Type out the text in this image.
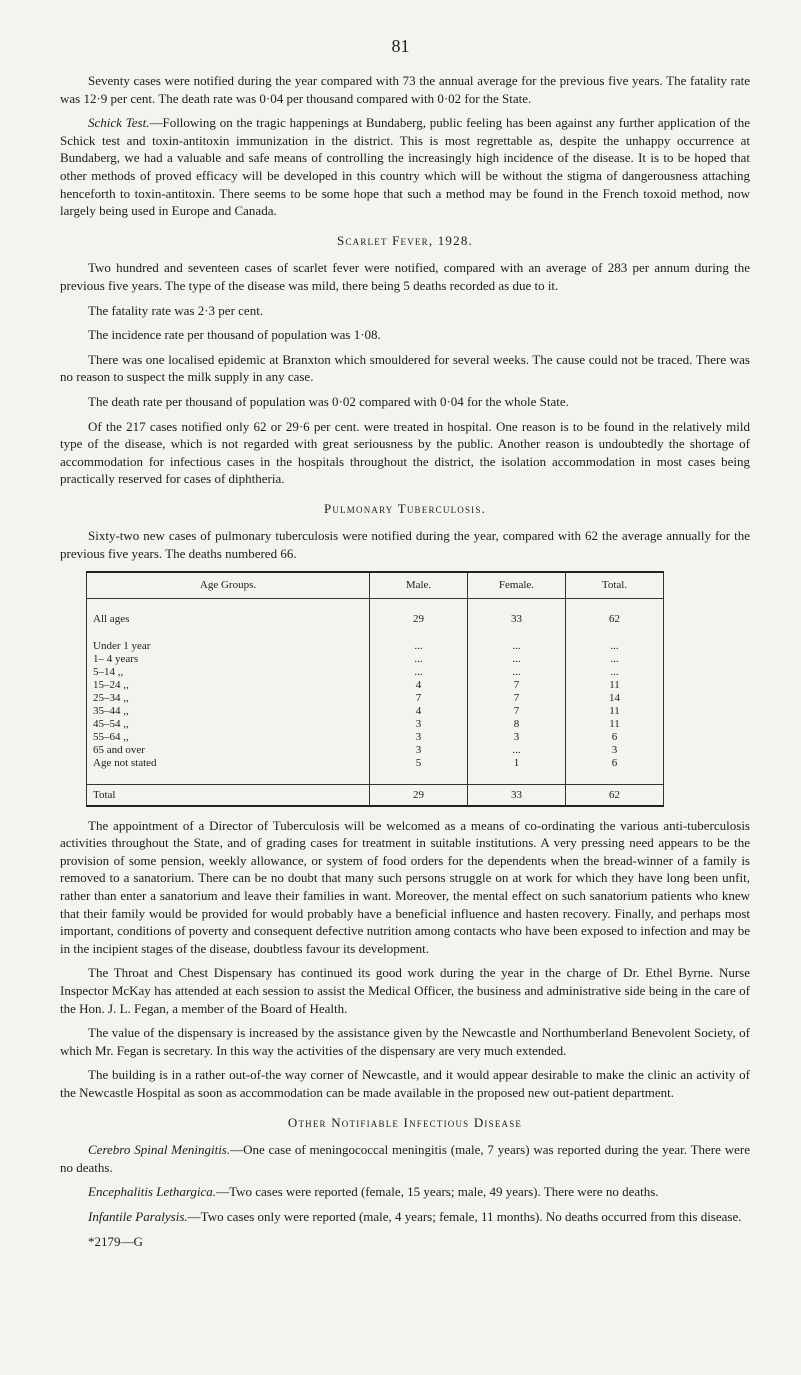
81

Seventy cases were notified during the year compared with 73 the annual average for the previous five years. The fatality rate was 12·9 per cent. The death rate was 0·04 per thousand compared with 0·02 for the State.

Schick Test.—Following on the tragic happenings at Bundaberg, public feeling has been against any further application of the Schick test and toxin-antitoxin immunization in the district. This is most regrettable as, despite the unhappy occurrence at Bundaberg, we had a valuable and safe means of controlling the increasingly high incidence of the disease. It is to be hoped that other methods of proved efficacy will be developed in this country which will be without the stigma of dangerousness attaching henceforth to toxin-antitoxin. There seems to be some hope that such a method may be found in the French toxoid method, now largely being used in Europe and Canada.

Scarlet Fever, 1928.

Two hundred and seventeen cases of scarlet fever were notified, compared with an average of 283 per annum during the previous five years. The type of the disease was mild, there being 5 deaths recorded as due to it.

The fatality rate was 2·3 per cent.

The incidence rate per thousand of population was 1·08.

There was one localised epidemic at Branxton which smouldered for several weeks. The cause could not be traced. There was no reason to suspect the milk supply in any case.

The death rate per thousand of population was 0·02 compared with 0·04 for the whole State.

Of the 217 cases notified only 62 or 29·6 per cent. were treated in hospital. One reason is to be found in the relatively mild type of the disease, which is not regarded with great seriousness by the public. Another reason is undoubtedly the shortage of accommodation for infectious cases in the hospitals throughout the district, the isolation accommodation in most cases being practically reserved for cases of diphtheria.

Pulmonary Tuberculosis.

Sixty-two new cases of pulmonary tuberculosis were notified during the year, compared with 62 the average annually for the previous five years. The deaths numbered 66.

Age Groups.	Male.	Female.	Total.

All ages	29	33	62

Under 1 year	...	...	...
1– 4 years	...	...	...
5–14 ,,	...	...	...
15–24 ,,	4	7	11
25–34 ,,	7	7	14
35–44 ,,	4	7	11
45–54 ,,	3	8	11
55–64 ,,	3	3	6
65 and over	3	...	3
Age not stated	5	1	6

Total	29	33	62

The appointment of a Director of Tuberculosis will be welcomed as a means of co-ordinating the various anti-tuberculosis activities throughout the State, and of grading cases for treatment in suitable institutions. A very pressing need appears to be the provision of some pension, weekly allowance, or system of food orders for the dependents when the bread-winner of a family is removed to a sanatorium. There can be no doubt that many such persons struggle on at work for which they have long been unfit, rather than enter a sanatorium and leave their families in want. Moreover, the mental effect on such sanatorium patients who knew that their family would be provided for would probably have a beneficial influence and hasten recovery. Finally, and perhaps most important, conditions of poverty and consequent defective nutrition among contacts who have been exposed to infection and may be in the incipient stages of the disease, doubtless favour its development.

The Throat and Chest Dispensary has continued its good work during the year in the charge of Dr. Ethel Byrne. Nurse Inspector McKay has attended at each session to assist the Medical Officer, the business and administrative side being in the care of the Hon. J. L. Fegan, a member of the Board of Health.

The value of the dispensary is increased by the assistance given by the Newcastle and Northumberland Benevolent Society, of which Mr. Fegan is secretary. In this way the activities of the dispensary are very much extended.

The building is in a rather out-of-the way corner of Newcastle, and it would appear desirable to make the clinic an activity of the Newcastle Hospital as soon as accommodation can be made available in the proposed new out-patient department.

Other Notifiable Infectious Disease

Cerebro Spinal Meningitis.—One case of meningococcal meningitis (male, 7 years) was reported during the year. There were no deaths.

Encephalitis Lethargica.—Two cases were reported (female, 15 years; male, 49 years). There were no deaths.

Infantile Paralysis.—Two cases only were reported (male, 4 years; female, 11 months). No deaths occurred from this disease.

*2179—G
